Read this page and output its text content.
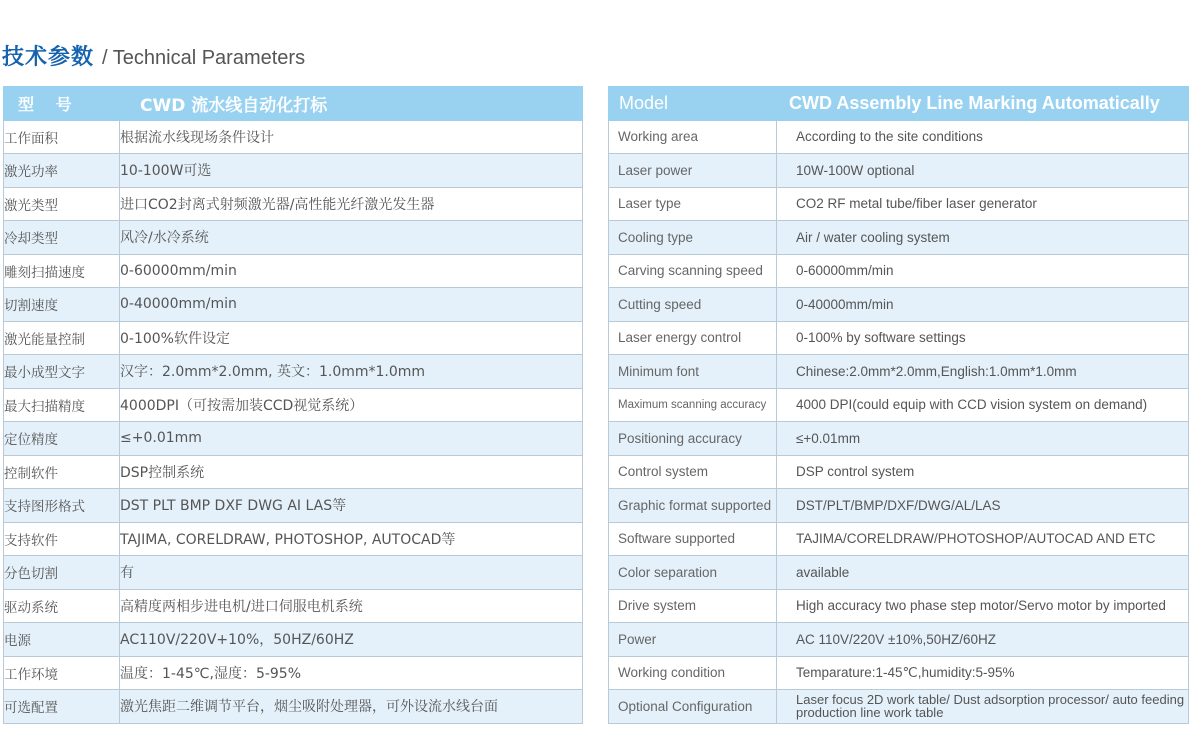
技术参数 / Technical Parameters
型 号	CWD 流水线自动化打标
工作面积	根据流水线现场条件设计
激光功率	10-100W可选
激光类型	进口CO2封离式射频激光器/高性能光纤激光发生器
冷却类型	风冷/水冷系统
雕刻扫描速度	0-60000mm/min
切割速度	0-40000mm/min
激光能量控制	0-100%软件设定
最小成型文字	汉字：2.0mm*2.0mm, 英文：1.0mm*1.0mm
最大扫描精度	4000DPI（可按需加装CCD视觉系统）
定位精度	≤+0.01mm
控制软件	DSP控制系统
支持图形格式	DST PLT BMP DXF DWG AI LAS等
支持软件	TAJIMA, CORELDRAW, PHOTOSHOP, AUTOCAD等
分色切割	有
驱动系统	高精度两相步进电机/进口伺服电机系统
电源	AC110V/220V+10%，50HZ/60HZ
工作环境	温度：1-45℃,湿度：5-95%
可选配置	激光焦距二维调节平台，烟尘吸附处理器，可外设流水线台面
Model	CWD Assembly Line Marking Automatically
Working area	According to the site conditions
Laser power	10W-100W optional
Laser type	CO2 RF metal tube/fiber laser generator
Cooling type	Air / water cooling system
Carving scanning speed	0-60000mm/min
Cutting speed	0-40000mm/min
Laser energy control	0-100% by software settings
Minimum font	Chinese:2.0mm*2.0mm,English:1.0mm*1.0mm
Maximum scanning accuracy	4000 DPI(could equip with CCD vision system on demand)
Positioning accuracy	≤+0.01mm
Control system	DSP control system
Graphic format supported	DST/PLT/BMP/DXF/DWG/AL/LAS
Software supported	TAJIMA/CORELDRAW/PHOTOSHOP/AUTOCAD AND ETC
Color separation	available
Drive system	High accuracy two phase step motor/Servo motor by imported
Power	AC 110V/220V ±10%,50HZ/60HZ
Working condition	Temparature:1-45℃,humidity:5-95%
Optional Configuration	Laser focus 2D work table/ Dust adsorption processor/ auto feeding production line work table
